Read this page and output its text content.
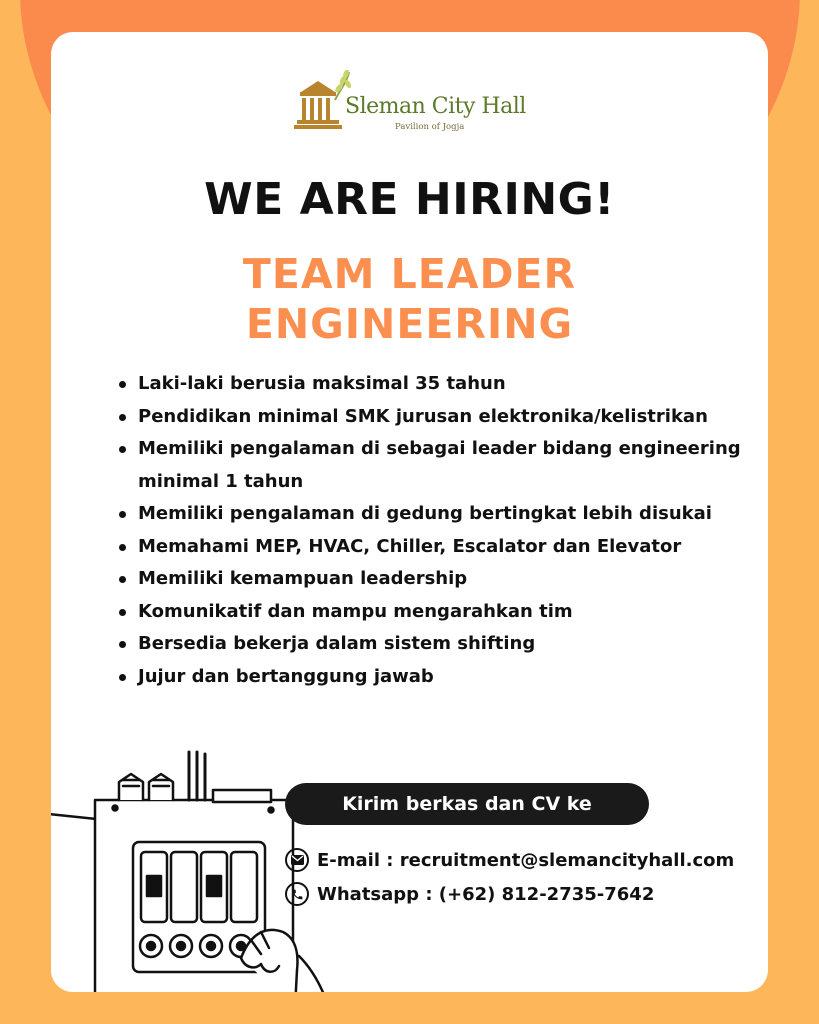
Sleman City Hall
Pavilion of Jogja
WE ARE HIRING!
TEAM LEADER
ENGINEERING
Laki-laki berusia maksimal 35 tahun
Pendidikan minimal SMK jurusan elektronika/kelistrikan
Memiliki pengalaman di sebagai leader bidang engineering minimal 1 tahun
Memiliki pengalaman di gedung bertingkat lebih disukai
Memahami MEP, HVAC, Chiller, Escalator dan Elevator
Memiliki kemampuan leadership
Komunikatif dan mampu mengarahkan tim
Bersedia bekerja dalam sistem shifting
Jujur dan bertanggung jawab
Kirim berkas dan CV ke
E-mail : recruitment@slemancityhall.com
Whatsapp : (+62) 812-2735-7642
